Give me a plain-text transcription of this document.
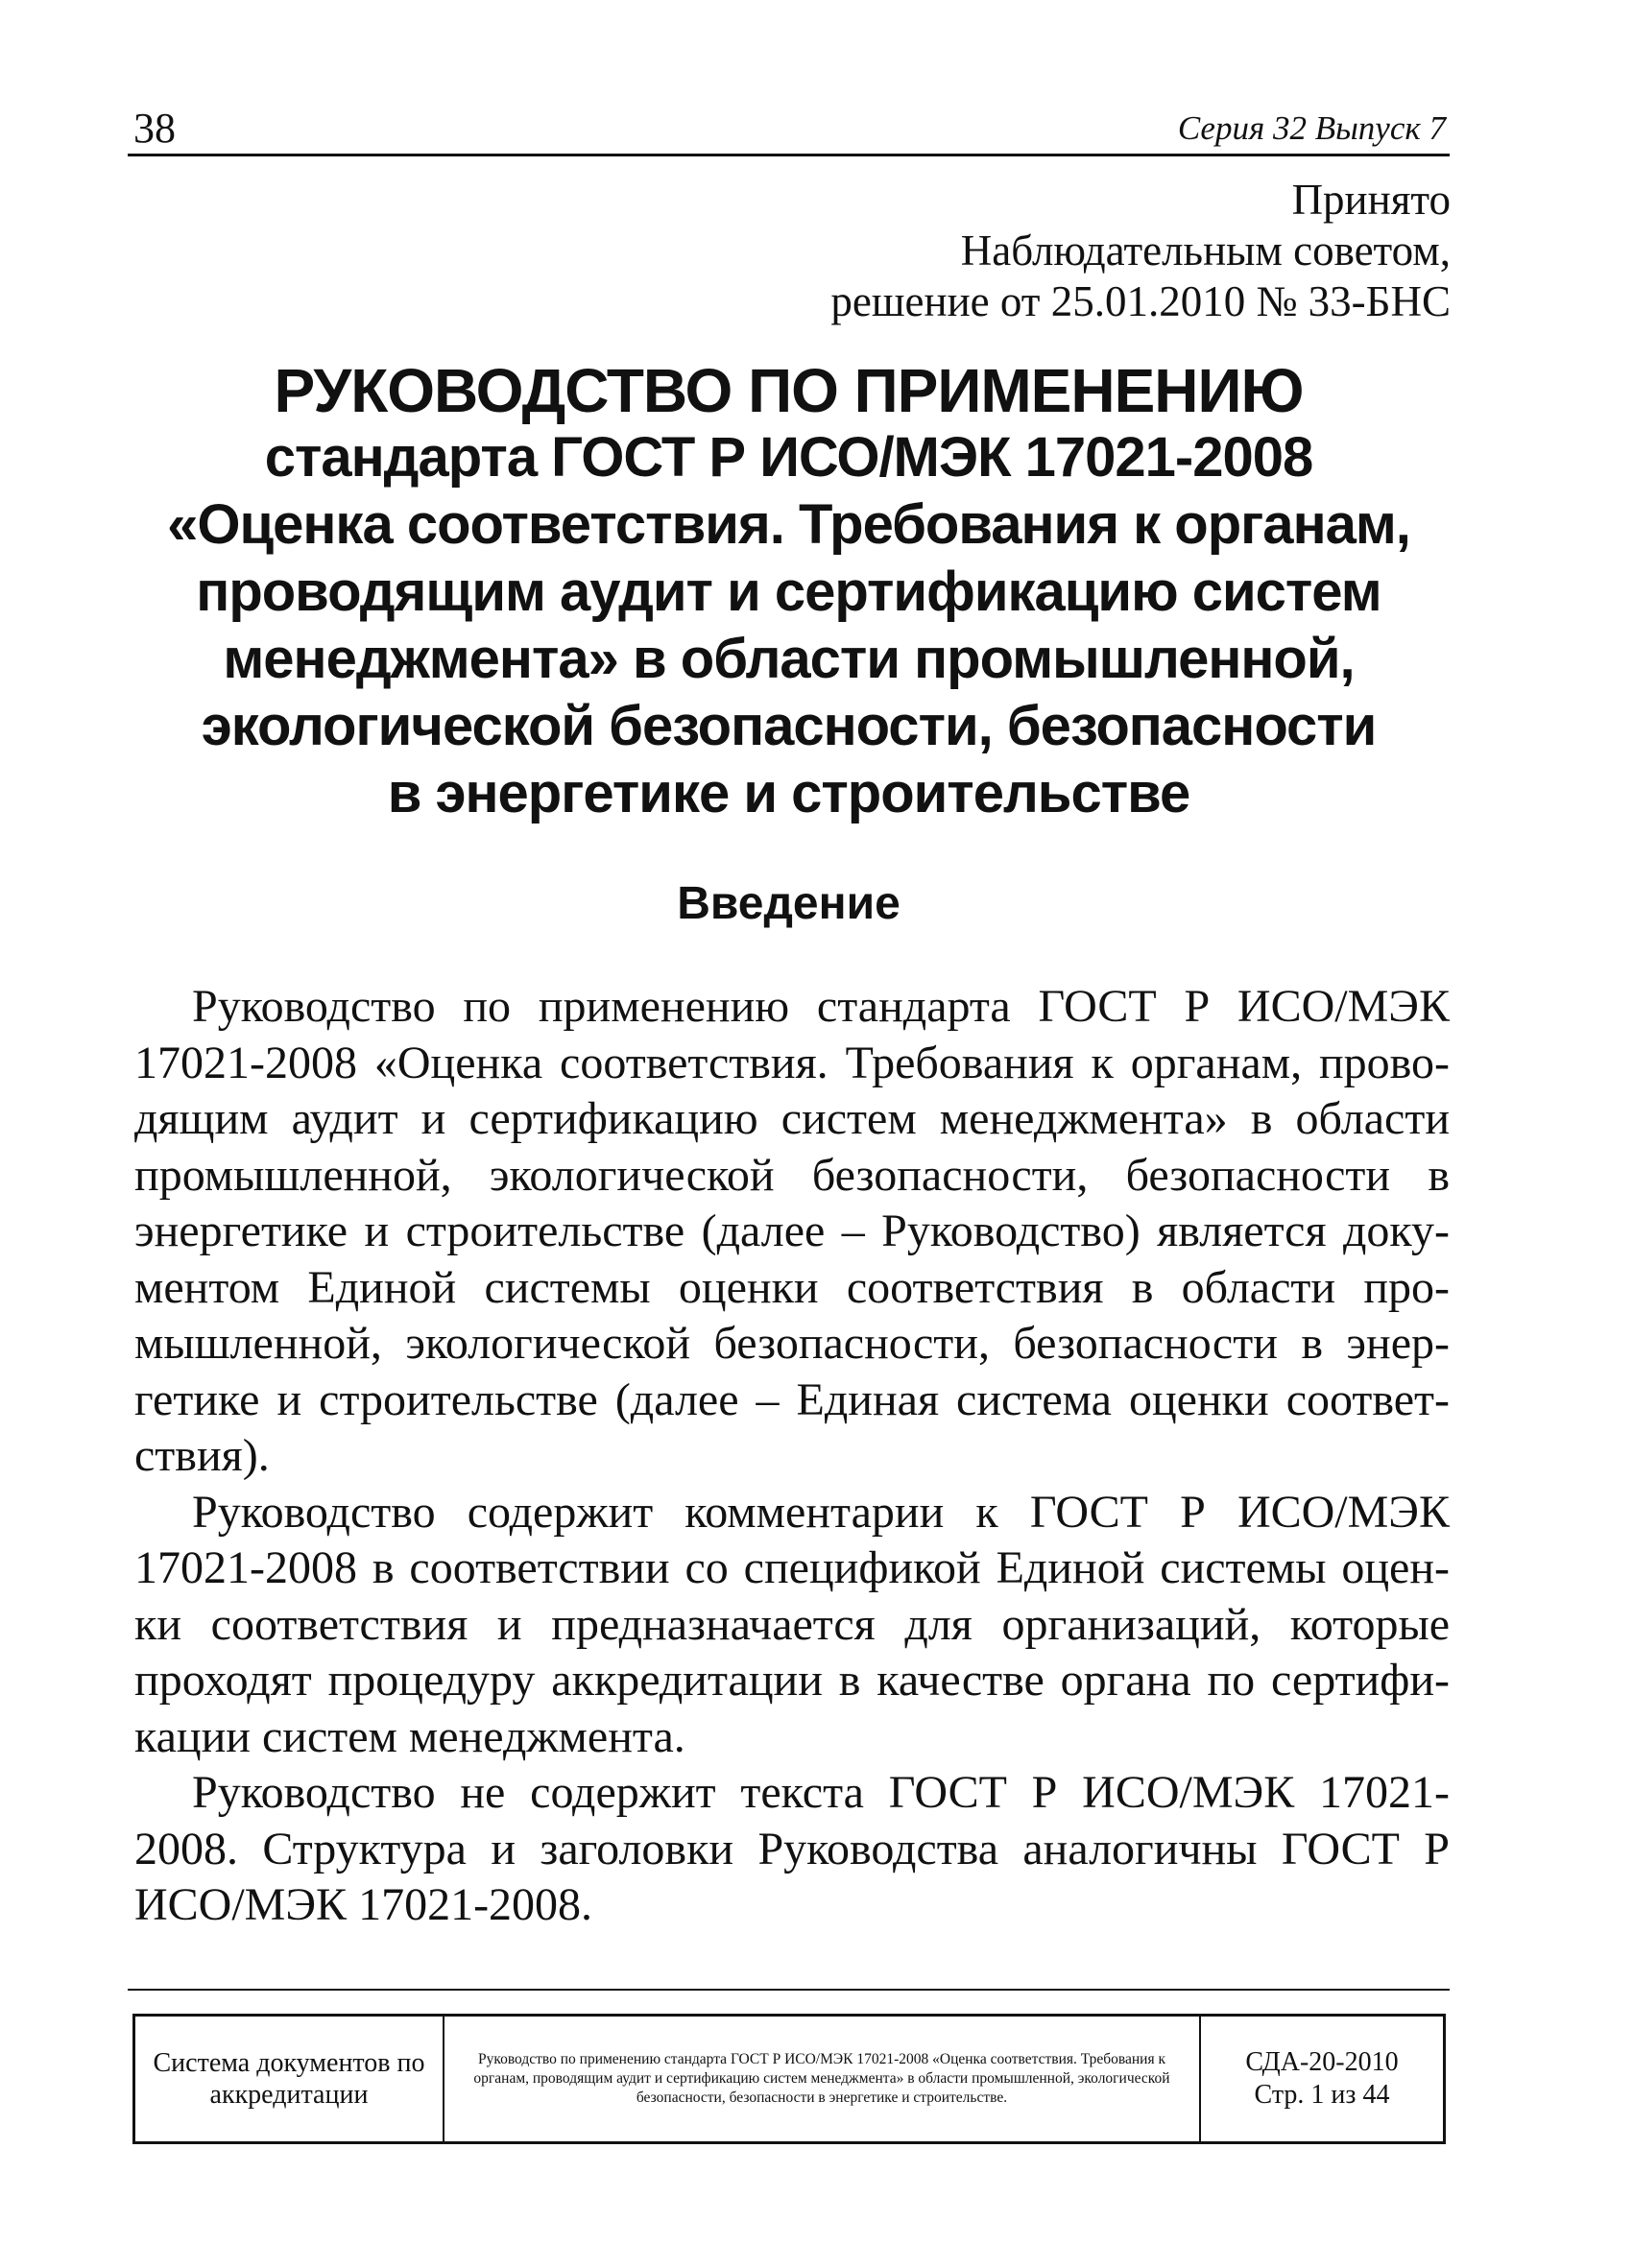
38	Серия 32 Выпуск 7
Принято
Наблюдательным советом,
решение от 25.01.2010 № 33-БНС
РУКОВОДСТВО ПО ПРИМЕНЕНИЮ
стандарта ГОСТ Р ИСО/МЭК 17021-2008
«Оценка соответствия. Требования к органам,
проводящим аудит и сертификацию систем
менеджмента» в области промышленной,
экологической безопасности, безопасности
в энергетике и строительстве
Введение

Руководство по применению стандарта ГОСТ Р ИСО/МЭК 17021-2008 «Оценка соответствия. Требования к органам, проводящим аудит и сертификацию систем менеджмента» в области промышленной, экологической безопасности, безопасности в энергетике и строительстве (далее – Руководство) является документом Единой системы оценки соответствия в области промышленной, экологической безопасности, безопасности в энергетике и строительстве (далее – Единая система оценки соответствия).

Руководство содержит комментарии к ГОСТ Р ИСО/МЭК 17021-2008 в соответствии со спецификой Единой системы оценки соответствия и предназначается для организаций, которые проходят процедуру аккредитации в качестве органа по сертификации систем менеджмента.

Руководство не содержит текста ГОСТ Р ИСО/МЭК 17021-2008. Структура и заголовки Руководства аналогичны ГОСТ Р ИСО/МЭК 17021-2008.

Система документов по аккредитации
Руководство по применению стандарта ГОСТ Р ИСО/МЭК 17021-2008 «Оценка соответствия. Требования к органам, проводящим аудит и сертификацию систем менеджмента» в области промышленной, экологической безопасности, безопасности в энергетике и строительстве.
СДА-20-2010
Стр. 1 из 44
